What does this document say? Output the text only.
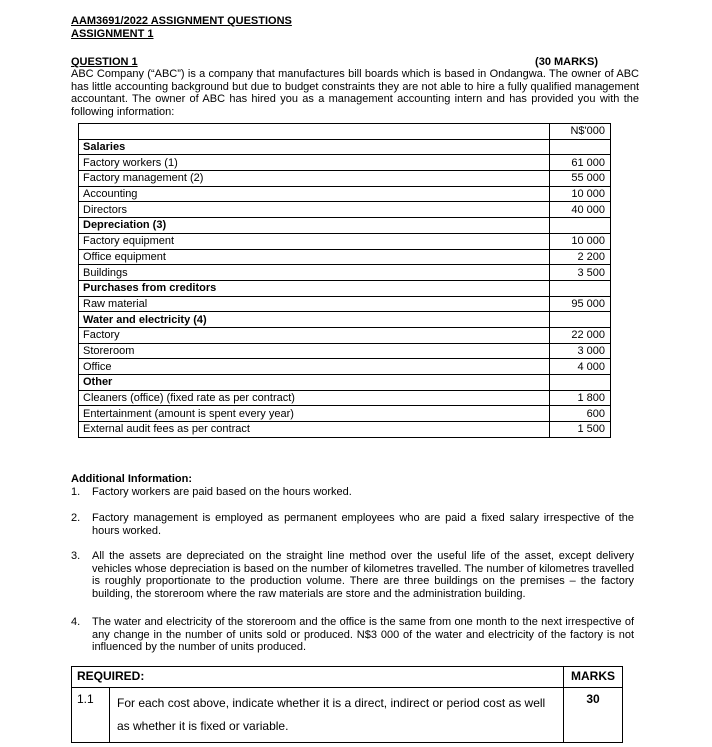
AAM3691/2022 ASSIGNMENT QUESTIONS
ASSIGNMENT 1
QUESTION 1	(30 MARKS)
ABC Company (“ABC”) is a company that manufactures bill boards which is based in Ondangwa. The owner of ABC has little accounting background but due to budget constraints they are not able to hire a fully qualified management accountant. The owner of ABC has hired you as a management accounting intern and has provided you with the following information:
	N$'000
Salaries	
Factory workers (1)	61 000
Factory management (2)	55 000
Accounting	10 000
Directors	40 000
Depreciation (3)	
Factory equipment	10 000
Office equipment	2 200
Buildings	3 500
Purchases from creditors	
Raw material	95 000
Water and electricity (4)	
Factory	22 000
Storeroom	3 000
Office	4 000
Other	
Cleaners (office) (fixed rate as per contract)	1 800
Entertainment (amount is spent every year)	600
External audit fees as per contract	1 500
Additional Information:
1. Factory workers are paid based on the hours worked.
2. Factory management is employed as permanent employees who are paid a fixed salary irrespective of the hours worked.
3. All the assets are depreciated on the straight line method over the useful life of the asset, except delivery vehicles whose depreciation is based on the number of kilometres travelled. The number of kilometres travelled is roughly proportionate to the production volume. There are three buildings on the premises – the factory building, the storeroom where the raw materials are store and the administration building.
4. The water and electricity of the storeroom and the office is the same from one month to the next irrespective of any change in the number of units sold or produced. N$3 000 of the water and electricity of the factory is not influenced by the number of units produced.
REQUIRED:		MARKS
1.1	For each cost above, indicate whether it is a direct, indirect or period cost as well as whether it is fixed or variable.	30
